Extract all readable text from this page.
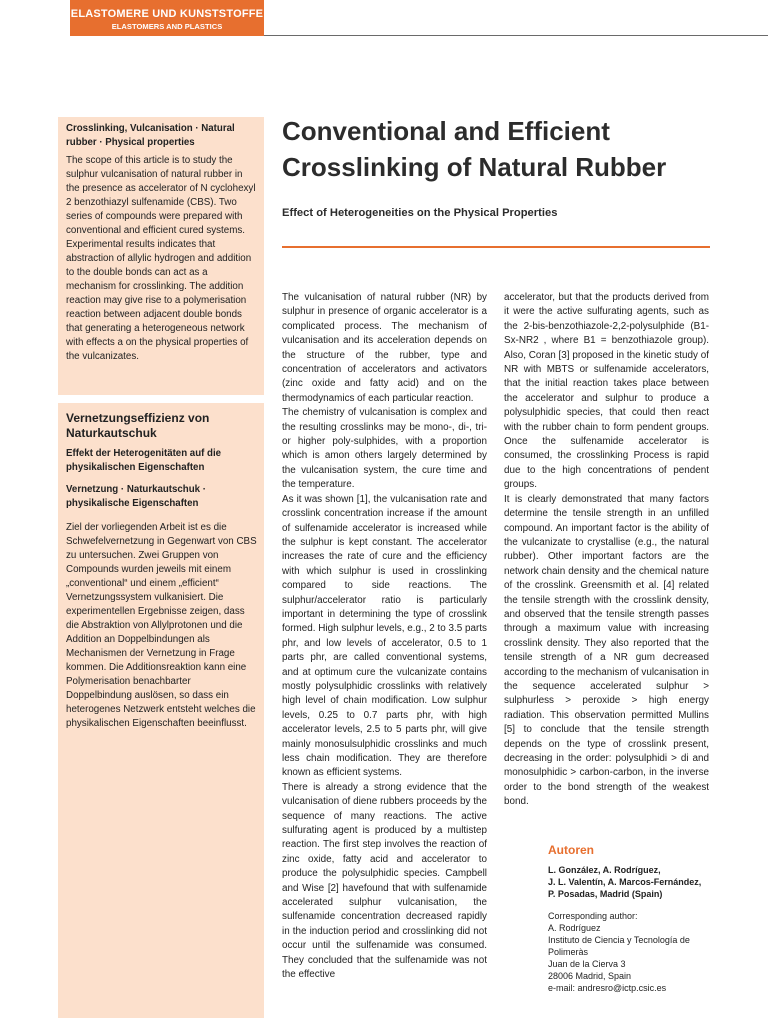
ELASTOMERE UND KUNSTSTOFFE
ELASTOMERS AND PLASTICS

Crosslinking, Vulcanisation · Natural rubber · Physical properties

The scope of this article is to study the sulphur vulcanisation of natural rubber in the presence as accelerator of N cyclohexyl 2 benzothiazyl sulfenamide (CBS). Two series of compounds were prepared with conventional and efficient cured systems. Experimental results indicates that abstraction of allylic hydrogen and addition to the double bonds can act as a mechanism for crosslinking. The addition reaction may give rise to a polymerisation reaction between adjacent double bonds that generating a heterogeneous network with effects a on the physical properties of the vulcanizates.

Vernetzungseffizienz von Naturkautschuk

Effekt der Heterogenitäten auf die physikalischen Eigenschaften

Vernetzung · Naturkautschuk · physikalische Eigenschaften

Ziel der vorliegenden Arbeit ist es die Schwefelvernetzung in Gegenwart von CBS zu untersuchen. Zwei Gruppen von Compounds wurden jeweils mit einem „conventional“ und einem „efficient“ Vernetzungssystem vulkanisiert. Die experimentellen Ergebnisse zeigen, dass die Abstraktion von Allylprotonen und die Addition an Doppelbindungen als Mechanismen der Vernetzung in Frage kommen. Die Additionsreaktion kann eine Polymerisation benachbarter Doppelbindung auslösen, so dass ein heterogenes Netzwerk entsteht welches die physikalischen Eigenschaften beeinflusst.

Conventional and Efficient Crosslinking of Natural Rubber

Effect of Heterogeneities on the Physical Properties

The vulcanisation of natural rubber (NR) by sulphur in presence of organic accelerator is a complicated process. The mechanism of vulcanisation and its acceleration depends on the structure of the rubber, type and concentration of accelerators and activators (zinc oxide and fatty acid) and on the thermodynamics of each particular reaction.

The chemistry of vulcanisation is complex and the resulting crosslinks may be mono-, di-, tri- or higher poly-sulphides, with a proportion which is amon others largely determined by the vulcanisation system, the cure time and the temperature.

As it was shown [1], the vulcanisation rate and crosslink concentration increase if the amount of sulfenamide accelerator is increased while the sulphur is kept constant. The accelerator increases the rate of cure and the efficiency with which sulphur is used in crosslinking compared to side reactions. The sulphur/accelerator ratio is particularly important in determining the type of crosslink formed. High sulphur levels, e.g., 2 to 3.5 parts phr, and low levels of accelerator, 0.5 to 1 parts phr, are called conventional systems, and at optimum cure the vulcanizate contains mostly polysulphidic crosslinks with relatively high level of chain modification. Low sulphur levels, 0.25 to 0.7 parts phr, with high accelerator levels, 2.5 to 5 parts phr, will give mainly monosulsulphidic crosslinks and much less chain modification. They are therefore known as efficient systems.

There is already a strong evidence that the vulcanisation of diene rubbers proceeds by the sequence of many reactions. The active sulfurating agent is produced by a multistep reaction. The first step involves the reaction of zinc oxide, fatty acid and accelerator to produce the polysulphidic species. Campbell and Wise [2] havefound that with sulfenamide accelerated sulphur vulcanisation, the sulfenamide concentration decreased rapidly in the induction period and crosslinking did not occur until the sulfenamide was consumed. They concluded that the sulfenamide was not the effective

accelerator, but that the products derived from it were the active sulfurating agents, such as the 2-bis-benzothiazole-2,2-polysulphide (B1-Sx-NR2 , where B1 = benzothiazole group). Also, Coran [3] proposed in the kinetic study of NR with MBTS or sulfenamide accelerators, that the initial reaction takes place between the accelerator and sulphur to produce a polysulphidic species, that could then react with the rubber chain to form pendent groups. Once the sulfenamide accelerator is consumed, the crosslinking Process is rapid due to the high concentrations of pendent groups.

It is clearly demonstrated that many factors determine the tensile strength in an unfilled compound. An important factor is the ability of the vulcanizate to crystallise (e.g., the natural rubber). Other important factors are the network chain density and the chemical nature of the crosslink. Greensmith et al. [4] related the tensile strength with the crosslink density, and observed that the tensile strength passes through a maximum value with increasing crosslink density. They also reported that the tensile strength of a NR gum decreased according to the mechanism of vulcanisation in the sequence accelerated sulphur > sulphurless > peroxide > high energy radiation. This observation permitted Mullins [5] to conclude that the tensile strength depends on the type of crosslink present, decreasing in the order: polysulphidi > di and monosulphidic > carbon-carbon, in the inverse order to the bond strength of the weakest bond.

Autoren
L. González, A. Rodríguez,
J. L. Valentín, A. Marcos-Fernández,
P. Posadas, Madrid (Spain)
Corresponding author:
A. Rodríguez
Instituto de Ciencia y Tecnología de
Polimeràs
Juan de la Cierva 3
28006 Madrid, Spain
e-mail: andresro@ictp.csic.es
